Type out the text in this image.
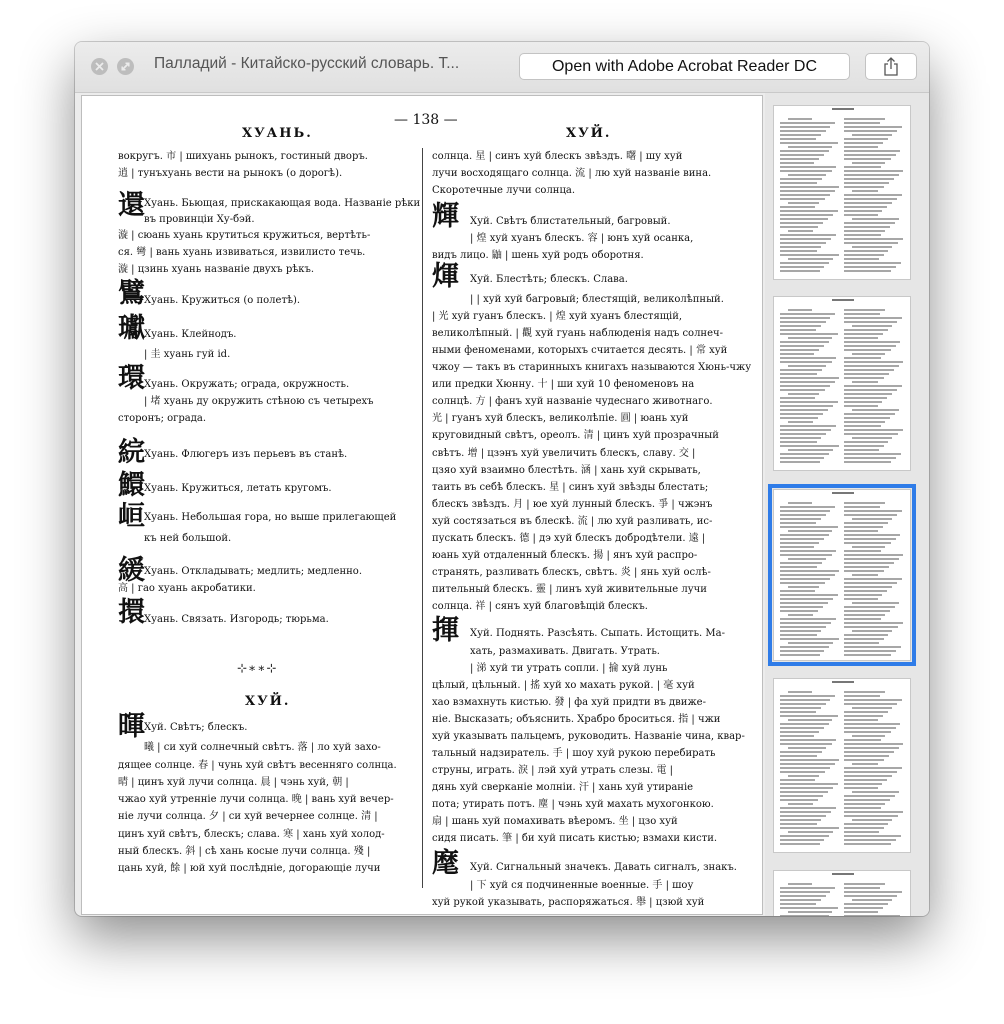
Палладий - Китайско-русский словарь. Т...	Open with Adobe Acrobat Reader DC
ХУАНЬ.
— 138 —
ХУЙ.
вокругъ. 市 | шихуань рынокъ, гостиный дворъ.
逍 | тунъхуань вести на рынокъ (о дорогѣ).
Хуань. Бьющая, приcкакающая вода. Названіе рѣки
въ провинціи Ху-бэй.
漩 | сюань хуань крутиться кружиться, вертѣть-
ся. 彎 | вань хуань извиваться, извилисто течь.
漩 | цзинь хуань названіе двухъ рѣкъ.
Хуань. Кружиться (о полетѣ).
Хуань. Клейнодъ.
| 圭 хуань гуй id.
Хуань. Окружать; ограда, окружность.
| 堵 хуань ду окружить стѣною съ четырехъ
сторонъ; ограда.
Хуань. Флюгеръ изъ перьевъ въ станѣ.
Хуань. Кружиться, летать кругомъ.
Хуань. Небольшая гора, но выше прилегающей
къ ней большой.
Хуань. Откладывать; медлить; медленно.
高 | гао хуань акробатики.
Хуань. Связать. Изгородь; тюрьма.
Хуй. Свѣтъ; блескъ.
曦 | си хуй солнечный свѣтъ. 落 | ло хуй захо-
дящее солнце. 春 | чунь хуй свѣтъ весенняго солнца.
晴 | цинъ хуй лучи солнца. 晨 | чэнь хуй, 朝 |
чжао хуй утренніе лучи солнца. 晚 | вань хуй вечер-
ніе лучи солнца. 夕 | си хуй вечернее солнце. 清 |
цинъ хуй свѣтъ, блескъ; слава. 寒 | хань хуй холод-
ный блескъ. 斜 | сѣ хань косые лучи солнца. 殘 |
цань хуй, 餘 | юй хуй послѣдніе, догорающіе лучи
還
鷿
瓛
環
綄
鱞
峘
緩
擐
暉
солнца. 星 | синъ хуй блескъ звѣздъ. 曙 | шу хуй
лучи восходящаго солнца. 流 | лю хуй названіе вина.
Скоротечные лучи солнца.
Хуй. Свѣтъ блистательный, багровый.
| 煌 хуй хуанъ блескъ. 容 | юнъ хуй осанка,
видъ лицо. 鼬 | шень хуй родъ оборотня.
Хуй. Блестѣть; блескъ. Слава.
| | хуй хуй багровый; блестящій, великолѣпный.
| 光 хуй гуанъ блескъ. | 煌 хуй хуанъ блестящій,
великолѣпный. | 觀 хуй гуань наблюденія надъ солнеч-
ными феноменами, которыхъ считается десять. | 常 хуй
чжоу — такъ въ старинныхъ книгахъ называются Хюнь-чжу
или предки Хюнну. 十 | ши хуй 10 феноменовъ на
солнцѣ. 方 | фанъ хуй названіе чудеснаго животнаго.
光 | гуанъ хуй блескъ, великолѣпіе. 圓 | юань хуй
круговидный свѣтъ, ореолъ. 清 | цинъ хуй прозрачный
свѣтъ. 增 | цзэнъ хуй увеличить блескъ, славу. 交 |
цзяо хуй взаимно блестѣть. 涵 | хань хуй скрывать,
таить въ себѣ блескъ. 星 | синъ хуй звѣзды блестать;
блескъ звѣздъ. 月 | юе хуй лунный блескъ. 爭 | чжэнъ
хуй состязаться въ блескѣ. 流 | лю хуй разливать, ис-
пускать блескъ. 德 | дэ хуй блескъ добродѣтели. 遠 |
юань хуй отдаленный блескъ. 揚 | янъ хуй распро-
странять, разливать блескъ, свѣтъ. 炎 | янь хуй ослѣ-
пительный блескъ. 靈 | линъ хуй живительные лучи
солнца. 祥 | сянъ хуй благовѣщій блескъ.
Хуй. Поднять. Разсѣять. Сыпать. Истощить. Ма-
хать, размахивать. Двигать. Утрать.
| 涕 хуй ти утрать сопли. | 掄 хуй лунь
цѣлый, цѣльный. | 搖 хуй хо махать рукой. | 毫 хуй
хао взмахнуть кистью. 發 | фа хуй придти въ движе-
ніе. Высказать; объяснить. Храбро броситься. 指 | чжи
хуй указывать пальцемъ, руководить. Названіе чина, квар-
тальный надзиратель. 手 | шоу хуй рукою перебирать
струны, играть. 淚 | лэй хуй утрать слезы. 電 |
дянь хуй сверканіе молніи. 汗 | хань хуй утираніе
пота; утирать потъ. 塵 | чэнь хуй махать мухогонкою.
扇 | шань хуй помахивать вѣеромъ. 坐 | цзо хуй
сидя писать. 筆 | би хуй писать кистью; взмахи кисти.
Хуй. Сигнальный значекъ. Давать сигналъ, знакъ.
| 下 хуй ся подчиненные военные. 手 | шоу
хуй рукой указывать, распоряжаться. 舉 | цзюй хуй
輝
煇
揮
麾
⊹∗∗⊹
ХУЙ.
